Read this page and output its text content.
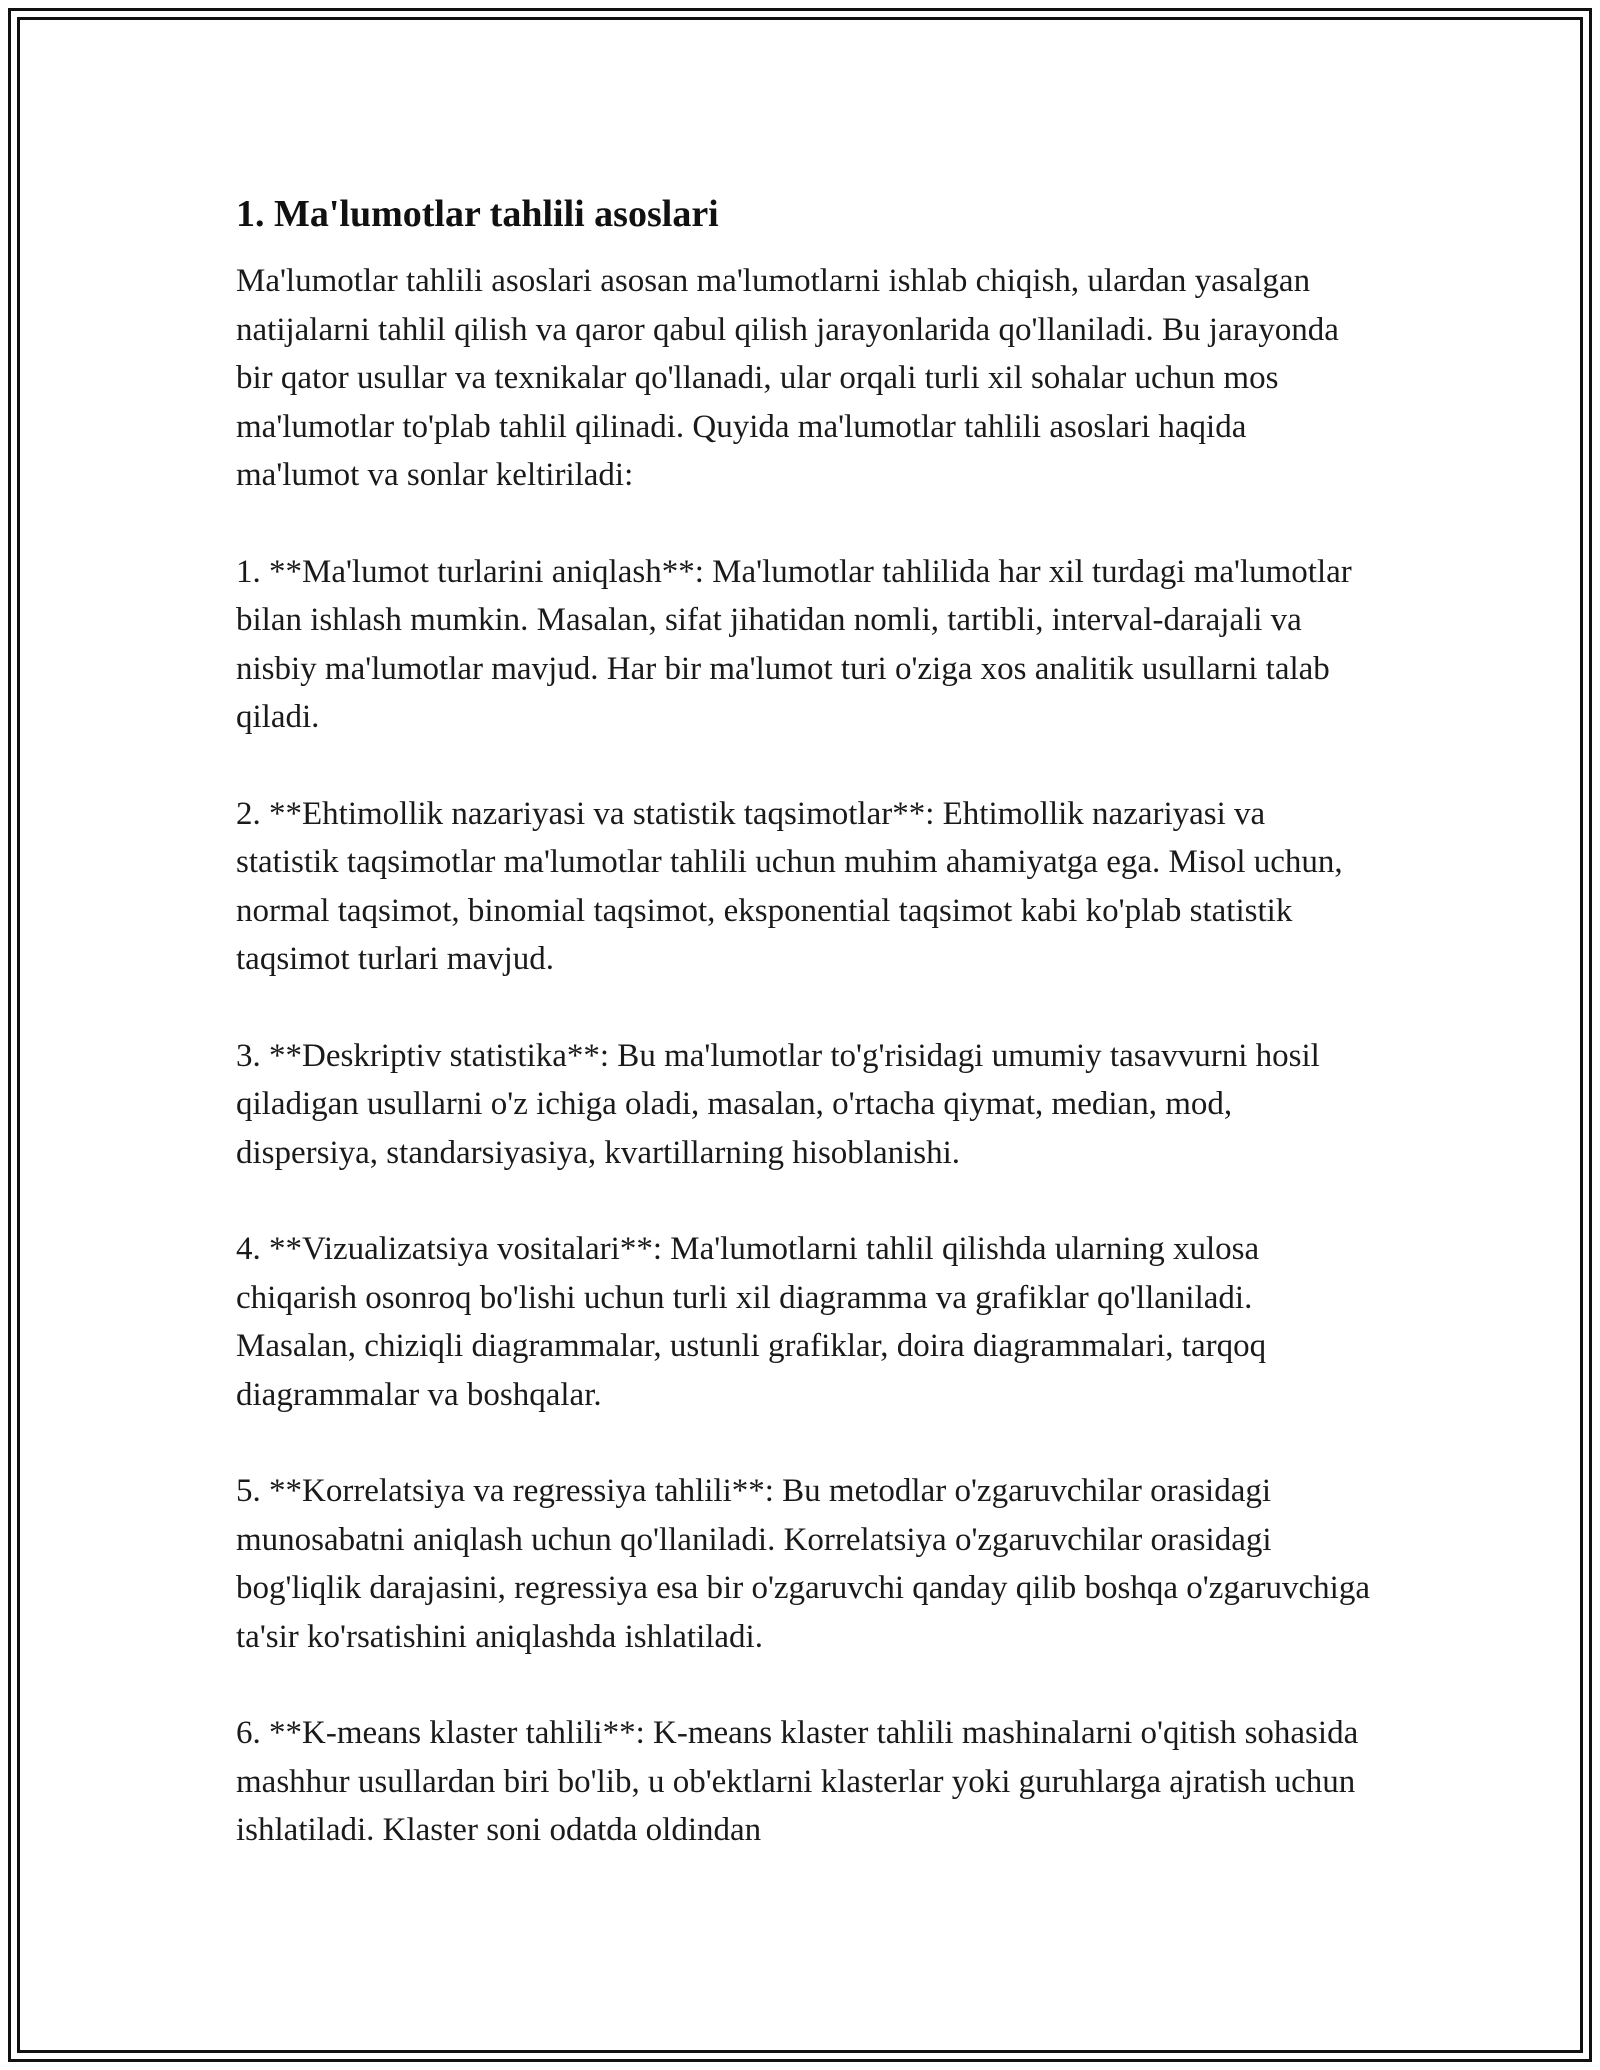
1. Ma'lumotlar tahlili asoslari

Ma'lumotlar tahlili asoslari asosan ma'lumotlarni ishlab chiqish, ulardan yasalgan natijalarni tahlil qilish va qaror qabul qilish jarayonlarida qo'llaniladi. Bu jarayonda bir qator usullar va texnikalar qo'llanadi, ular orqali turli xil sohalar uchun mos ma'lumotlar to'plab tahlil qilinadi. Quyida ma'lumotlar tahlili asoslari haqida ma'lumot va sonlar keltiriladi:

1. **Ma'lumot turlarini aniqlash**: Ma'lumotlar tahlilida har xil turdagi ma'lumotlar bilan ishlash mumkin. Masalan, sifat jihatidan nomli, tartibli, interval-darajali va nisbiy ma'lumotlar mavjud. Har bir ma'lumot turi o'ziga xos analitik usullarni talab qiladi.

2. **Ehtimollik nazariyasi va statistik taqsimotlar**: Ehtimollik nazariyasi va statistik taqsimotlar ma'lumotlar tahlili uchun muhim ahamiyatga ega. Misol uchun, normal taqsimot, binomial taqsimot, eksponential taqsimot kabi ko'plab statistik taqsimot turlari mavjud.

3. **Deskriptiv statistika**: Bu ma'lumotlar to'g'risidagi umumiy tasavvurni hosil qiladigan usullarni o'z ichiga oladi, masalan, o'rtacha qiymat, median, mod, dispersiya, standarsiyasiya, kvartillarning hisoblanishi.

4. **Vizualizatsiya vositalari**: Ma'lumotlarni tahlil qilishda ularning xulosa chiqarish osonroq bo'lishi uchun turli xil diagramma va grafiklar qo'llaniladi. Masalan, chiziqli diagrammalar, ustunli grafiklar, doira diagrammalari, tarqoq diagrammalar va boshqalar.

5. **Korrelatsiya va regressiya tahlili**: Bu metodlar o'zgaruvchilar orasidagi munosabatni aniqlash uchun qo'llaniladi. Korrelatsiya o'zgaruvchilar orasidagi bog'liqlik darajasini, regressiya esa bir o'zgaruvchi qanday qilib boshqa o'zgaruvchiga ta'sir ko'rsatishini aniqlashda ishlatiladi.

6. **K-means klaster tahlili**: K-means klaster tahlili mashinalarni o'qitish sohasida mashhur usullardan biri bo'lib, u ob'ektlarni klasterlar yoki guruhlarga ajratish uchun ishlatiladi. Klaster soni odatda oldindan
